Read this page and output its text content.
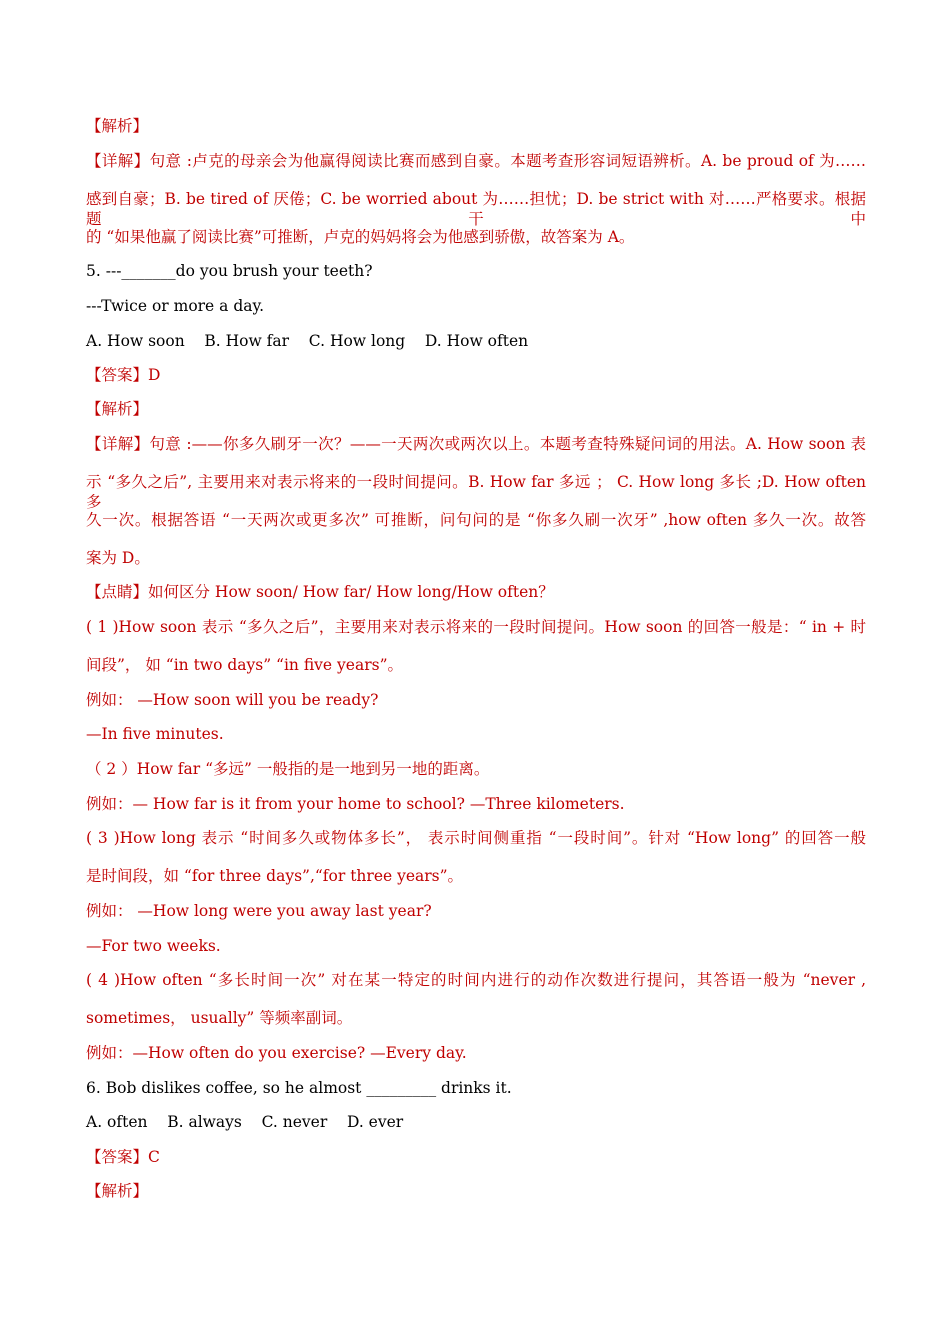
【解析】
【详解】句意 :卢克的母亲会为他赢得阅读比赛而感到自豪。本题考查形容词短语辨析。A. be proud of 为……
感到自豪；B. be tired of 厌倦；C. be worried about 为……担忧；D. be strict with 对……严格要求。根据题干中
的 “如果他赢了阅读比赛”可推断，卢克的妈妈将会为他感到骄傲，故答案为 A。
5. ---_______do you brush your teeth?
---Twice or more a day.
A. How soon    B. How far    C. How long    D. How often
【答案】D
【解析】
【详解】句意 :——你多久刷牙一次？——一天两次或两次以上。本题考查特殊疑问词的用法。A. How soon 表
示 “多久之后”, 主要用来对表示将来的一段时间提问。B. How far 多远 ； C. How long 多长 ;D. How often 多
久一次。根据答语 “一天两次或更多次” 可推断，问句问的是 “你多久刷一次牙” ,how often 多久一次。故答
案为 D。
【点睛】如何区分 How soon/ How far/ How long/How often？
( 1 )How soon 表示 “多久之后”，主要用来对表示将来的一段时间提问。How soon 的回答一般是：“ in + 时
间段”， 如 “in two days” “in five years”。
例如： —How soon will you be ready?
—In five minutes.
（ 2 ）How far “多远” 一般指的是一地到另一地的距离。
例如：— How far is it from your home to school? —Three kilometers.
( 3 )How long 表示 “时间多久或物体多长”， 表示时间侧重指 “一段时间”。针对 “How long” 的回答一般
是时间段，如 “for three days”,“for three years”。
例如： —How long were you away last year?
—For two weeks.
( 4 )How often “多长时间一次” 对在某一特定的时间内进行的动作次数进行提问，其答语一般为 “never ,
sometimes， usually” 等频率副词。
例如：—How often do you exercise? —Every day.
6. Bob dislikes coffee, so he almost _________ drinks it.
A. often    B. always    C. never    D. ever
【答案】C
【解析】
